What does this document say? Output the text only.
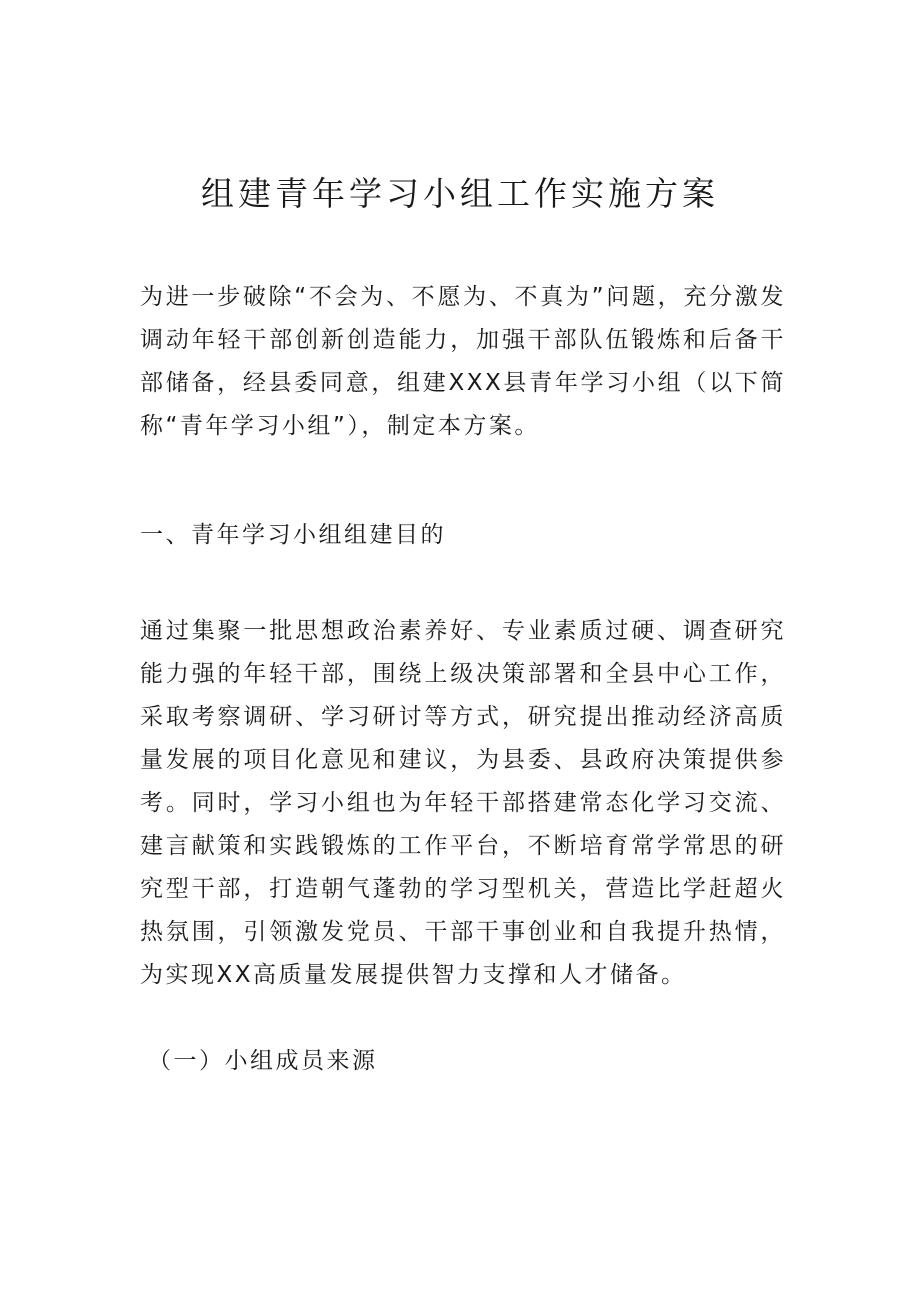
组建青年学习小组工作实施方案

为进一步破除“不会为、不愿为、不真为”问题，充分激发调动年轻干部创新创造能力，加强干部队伍锻炼和后备干部储备，经县委同意，组建XXX县青年学习小组（以下简称“青年学习小组”），制定本方案。

一、青年学习小组组建目的

通过集聚一批思想政治素养好、专业素质过硬、调查研究能力强的年轻干部，围绕上级决策部署和全县中心工作，采取考察调研、学习研讨等方式，研究提出推动经济高质量发展的项目化意见和建议，为县委、县政府决策提供参考。同时，学习小组也为年轻干部搭建常态化学习交流、建言献策和实践锻炼的工作平台，不断培育常学常思的研究型干部，打造朝气蓬勃的学习型机关，营造比学赶超火热氛围，引领激发党员、干部干事创业和自我提升热情，为实现XX高质量发展提供智力支撑和人才储备。

（一）小组成员来源
